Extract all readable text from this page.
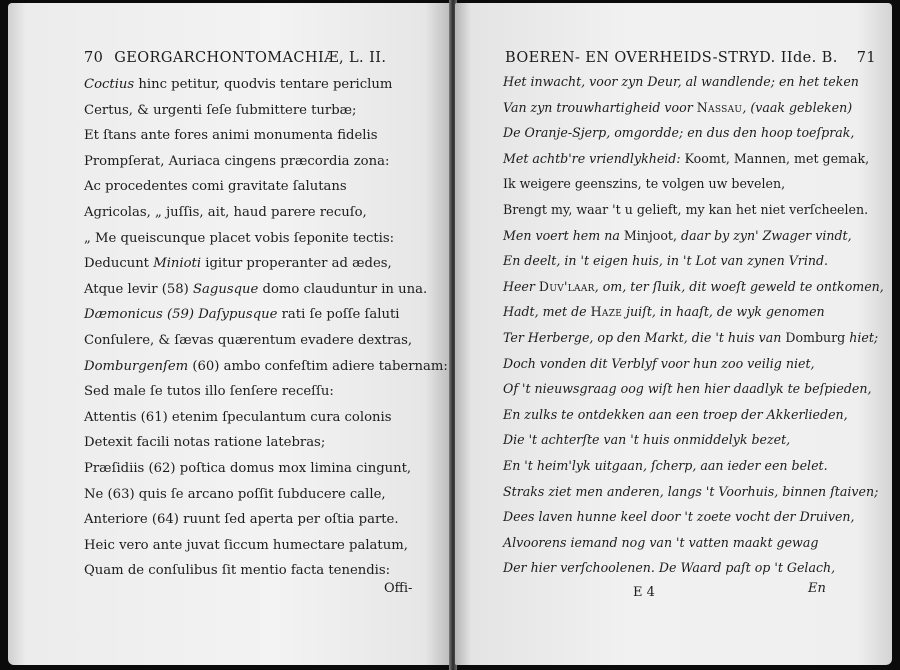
70 GEORGARCHONTOMACHIÆ, L. II.
Coctius hinc petitur, quodvis tentare periclum
Certus, & urgenti ſeſe ſubmittere turbæ;
Et ſtans ante fores animi monumenta fidelis
Prompſerat, Auriaca cingens præcordia zona:
Ac procedentes comi gravitate ſalutans
Agricolas, „ juſſis, ait, haud parere recuſo,
„ Me queiscunque placet vobis ſeponite tectis:
Deducunt Minioti igitur properanter ad ædes,
Atque levir (58) Sagusque domo clauduntur in una.
Dæmonicus (59) Daſypusque rati ſe poſſe ſaluti
Conſulere, & ſævas quærentum evadere dextras,
Domburgenſem (60) ambo confeſtim adiere tabernam:
Sed male ſe tutos illo ſenſere receſſu:
Attentis (61) etenim ſpeculantum cura colonis
Detexit facili notas ratione latebras;
Præſidiis (62) poſtica domus mox limina cingunt,
Ne (63) quis ſe arcano poſſit ſubducere calle,
Anteriore (64) ruunt ſed aperta per oſtia parte.
Heic vero ante juvat ſiccum humectare palatum,
Quam de conſulibus ſit mentio facta tenendis:
Offi-
BOEREN- EN OVERHEIDS-STRYD. IIde. B. 71
Het inwacht, voor zyn Deur, al wandlende; en het teken
Van zyn trouwhartigheid voor Nassau, (vaak gebleken)
De Oranje-Sjerp, omgordde; en dus den hoop toeſprak,
Met achtb're vriendlykheid: Koomt, Mannen, met gemak,
Ik weigere geenszins, te volgen uw bevelen,
Brengt my, waar 't u gelieft, my kan het niet verſcheelen.
Men voert hem na Minjoot, daar by zyn' Zwager vindt,
En deelt, in 't eigen huis, in 't Lot van zynen Vrind.
Heer Duv'laar, om, ter ſluik, dit woeſt geweld te ontkomen,
Hadt, met de Haze juiſt, in haaſt, de wyk genomen
Ter Herberge, op den Markt, die 't huis van Domburg hiet;
Doch vonden dit Verblyf voor hun zoo veilig niet,
Of 't nieuwsgraag oog wiſt hen hier daadlyk te beſpieden,
En zulks te ontdekken aan een troep der Akkerlieden,
Die 't achterſte van 't huis onmiddelyk bezet,
En 't heim'lyk uitgaan, ſcherp, aan ieder een belet.
Straks ziet men anderen, langs 't Voorhuis, binnen ſtaiven;
Dees laven hunne keel door 't zoete vocht der Druiven,
Alvoorens iemand nog van 't vatten maakt gewag
Der hier verſchoolenen. De Waard paſt op 't Gelach,
E 4	En
